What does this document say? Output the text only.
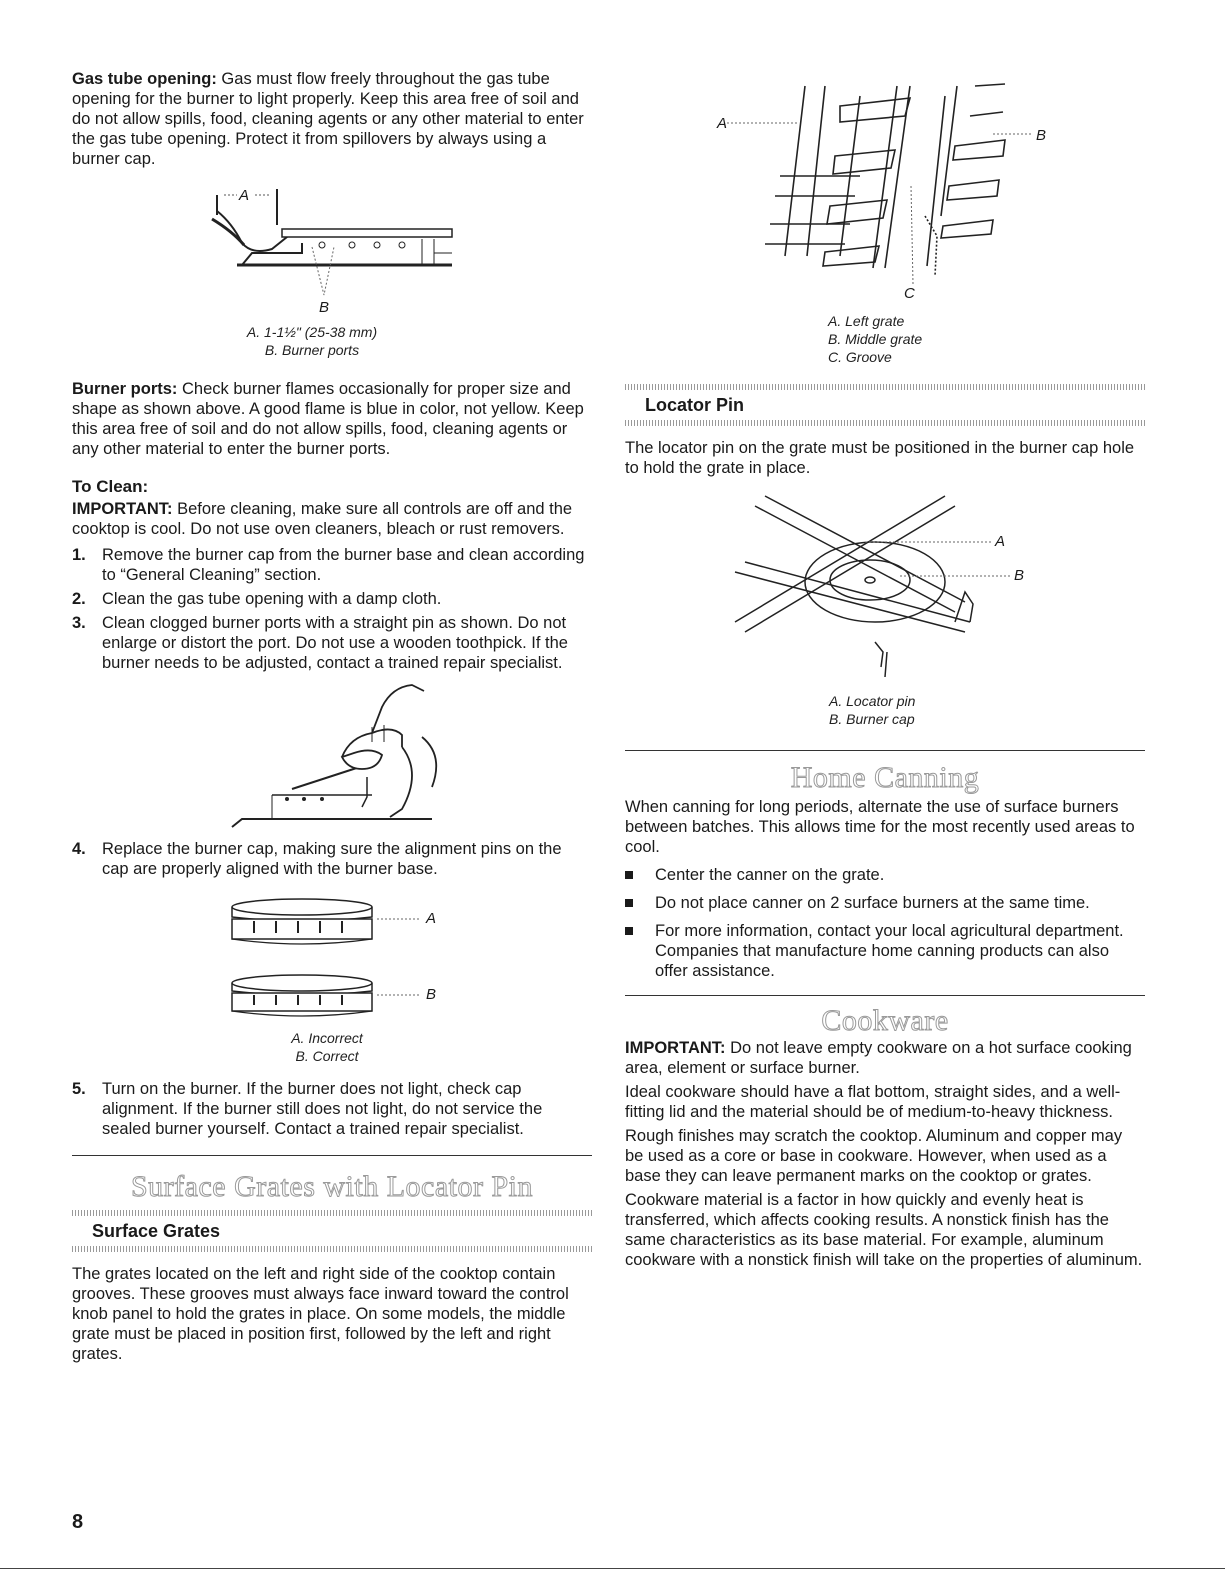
Gas tube opening: Gas must flow freely throughout the gas tube opening for the burner to light properly. Keep this area free of soil and do not allow spills, food, cleaning agents or any other material to enter the gas tube opening. Protect it from spillovers by always using a burner cap.

A
B
A. 1-1½" (25-38 mm)
B. Burner ports

Burner ports: Check burner flames occasionally for proper size and shape as shown above. A good flame is blue in color, not yellow. Keep this area free of soil and do not allow spills, food, cleaning agents or any other material to enter the burner ports.

To Clean:

IMPORTANT: Before cleaning, make sure all controls are off and the cooktop is cool. Do not use oven cleaners, bleach or rust removers.

1. Remove the burner cap from the burner base and clean according to “General Cleaning” section.
2. Clean the gas tube opening with a damp cloth.
3. Clean clogged burner ports with a straight pin as shown. Do not enlarge or distort the port. Do not use a wooden toothpick. If the burner needs to be adjusted, contact a trained repair specialist.
4. Replace the burner cap, making sure the alignment pins on the cap are properly aligned with the burner base.
A
B
A. Incorrect
B. Correct
5. Turn on the burner. If the burner does not light, check cap alignment. If the burner still does not light, do not service the sealed burner yourself. Contact a trained repair specialist.
Surface Grates with Locator Pin
Surface Grates

The grates located on the left and right side of the cooktop contain grooves. These grooves must always face inward toward the control knob panel to hold the grates in place. On some models, the middle grate must be placed in position first, followed by the left and right grates.

A
B
C
A. Left grate
B. Middle grate
C. Groove
Locator Pin

The locator pin on the grate must be positioned in the burner cap hole to hold the grate in place.

A
B
A. Locator pin
B. Burner cap
Home Canning

When canning for long periods, alternate the use of surface burners between batches. This allows time for the most recently used areas to cool.

Center the canner on the grate.
Do not place canner on 2 surface burners at the same time.
For more information, contact your local agricultural department. Companies that manufacture home canning products can also offer assistance.
Cookware

IMPORTANT: Do not leave empty cookware on a hot surface cooking area, element or surface burner.

Ideal cookware should have a flat bottom, straight sides, and a well-fitting lid and the material should be of medium-to-heavy thickness.

Rough finishes may scratch the cooktop. Aluminum and copper may be used as a core or base in cookware. However, when used as a base they can leave permanent marks on the cooktop or grates.

Cookware material is a factor in how quickly and evenly heat is transferred, which affects cooking results. A nonstick finish has the same characteristics as its base material. For example, aluminum cookware with a nonstick finish will take on the properties of aluminum.

8
